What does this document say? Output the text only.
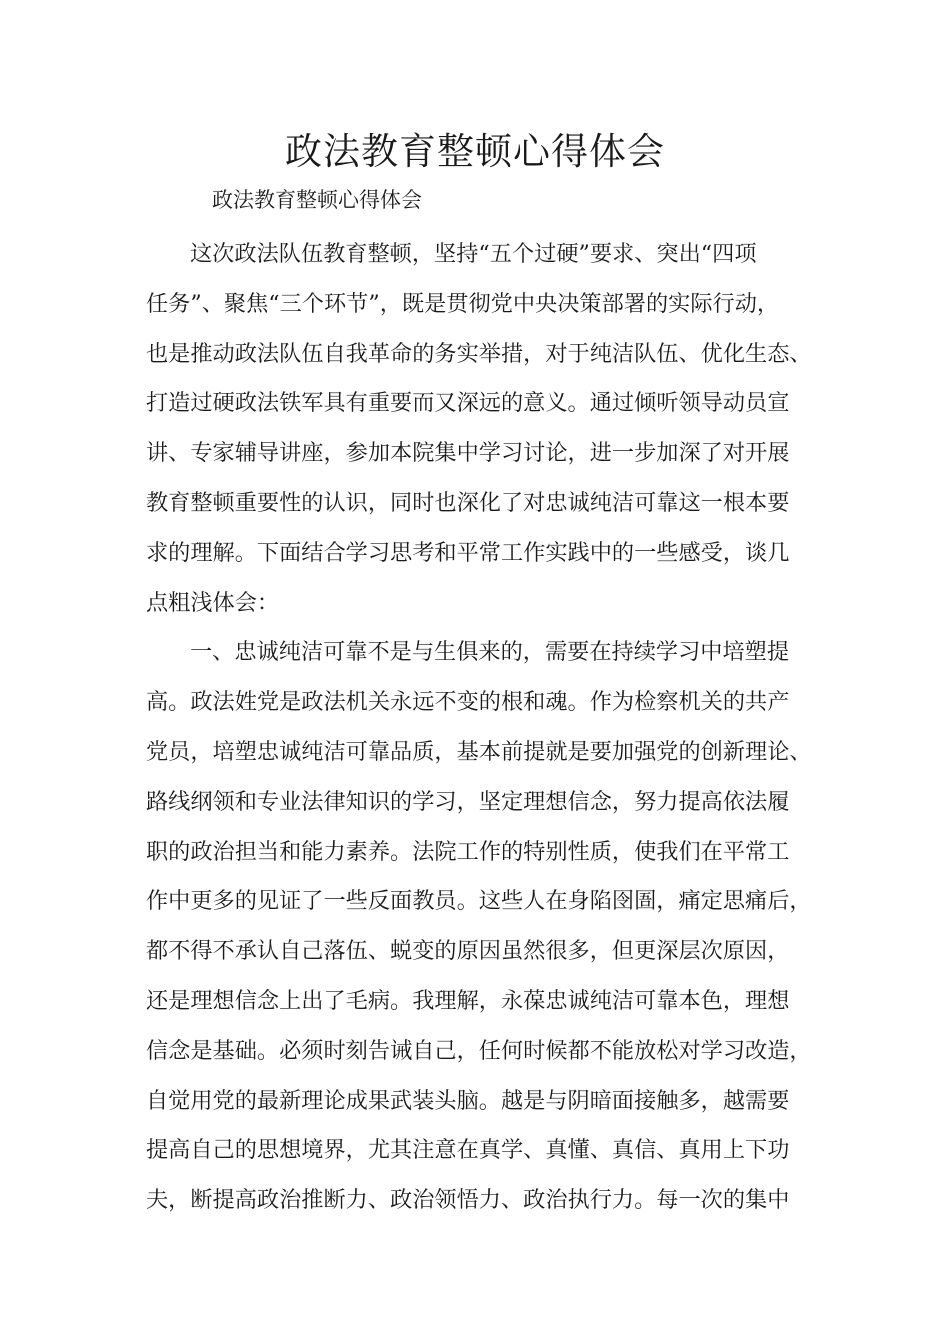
政法教育整顿心得体会

政法教育整顿心得体会

这次政法队伍教育整顿，坚持“五个过硬”要求、突出“四项
任务”、聚焦“三个环节”，既是贯彻党中央决策部署的实际行动，
也是推动政法队伍自我革命的务实举措，对于纯洁队伍、优化生态、
打造过硬政法铁军具有重要而又深远的意义。通过倾听领导动员宣
讲、专家辅导讲座，参加本院集中学习讨论，进一步加深了对开展
教育整顿重要性的认识，同时也深化了对忠诚纯洁可靠这一根本要
求的理解。下面结合学习思考和平常工作实践中的一些感受，谈几
点粗浅体会：
一、忠诚纯洁可靠不是与生俱来的，需要在持续学习中培塑提
高。政法姓党是政法机关永远不变的根和魂。作为检察机关的共产
党员，培塑忠诚纯洁可靠品质，基本前提就是要加强党的创新理论、
路线纲领和专业法律知识的学习，坚定理想信念，努力提高依法履
职的政治担当和能力素养。法院工作的特别性质，使我们在平常工
作中更多的见证了一些反面教员。这些人在身陷囹圄，痛定思痛后，
都不得不承认自己落伍、蜕变的原因虽然很多，但更深层次原因，
还是理想信念上出了毛病。我理解，永葆忠诚纯洁可靠本色，理想
信念是基础。必须时刻告诫自己，任何时候都不能放松对学习改造，
自觉用党的最新理论成果武装头脑。越是与阴暗面接触多，越需要
提高自己的思想境界，尤其注意在真学、真懂、真信、真用上下功
夫，断提高政治推断力、政治领悟力、政治执行力。每一次的集中
